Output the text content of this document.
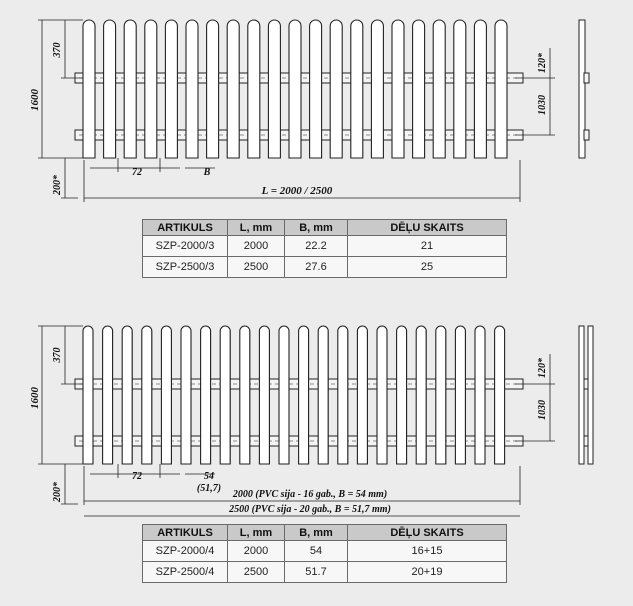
1600
370
1030
120*
200*
72	B
L = 2000 / 2500
1600
370
1030
120*
200*
72	54
(51,7)
2000 (PVC sija - 16 gab., B = 54 mm)
2500 (PVC sija - 20 gab., B = 51,7 mm)
ARTIKULS	L, mm	B, mm	DĒĻU SKAITS
SZP-2000/3	2000	22.2	21
SZP-2500/3	2500	27.6	25
ARTIKULS	L, mm	B, mm	DĒĻU SKAITS
SZP-2000/4	2000	54	16+15
SZP-2500/4	2500	51.7	20+19
